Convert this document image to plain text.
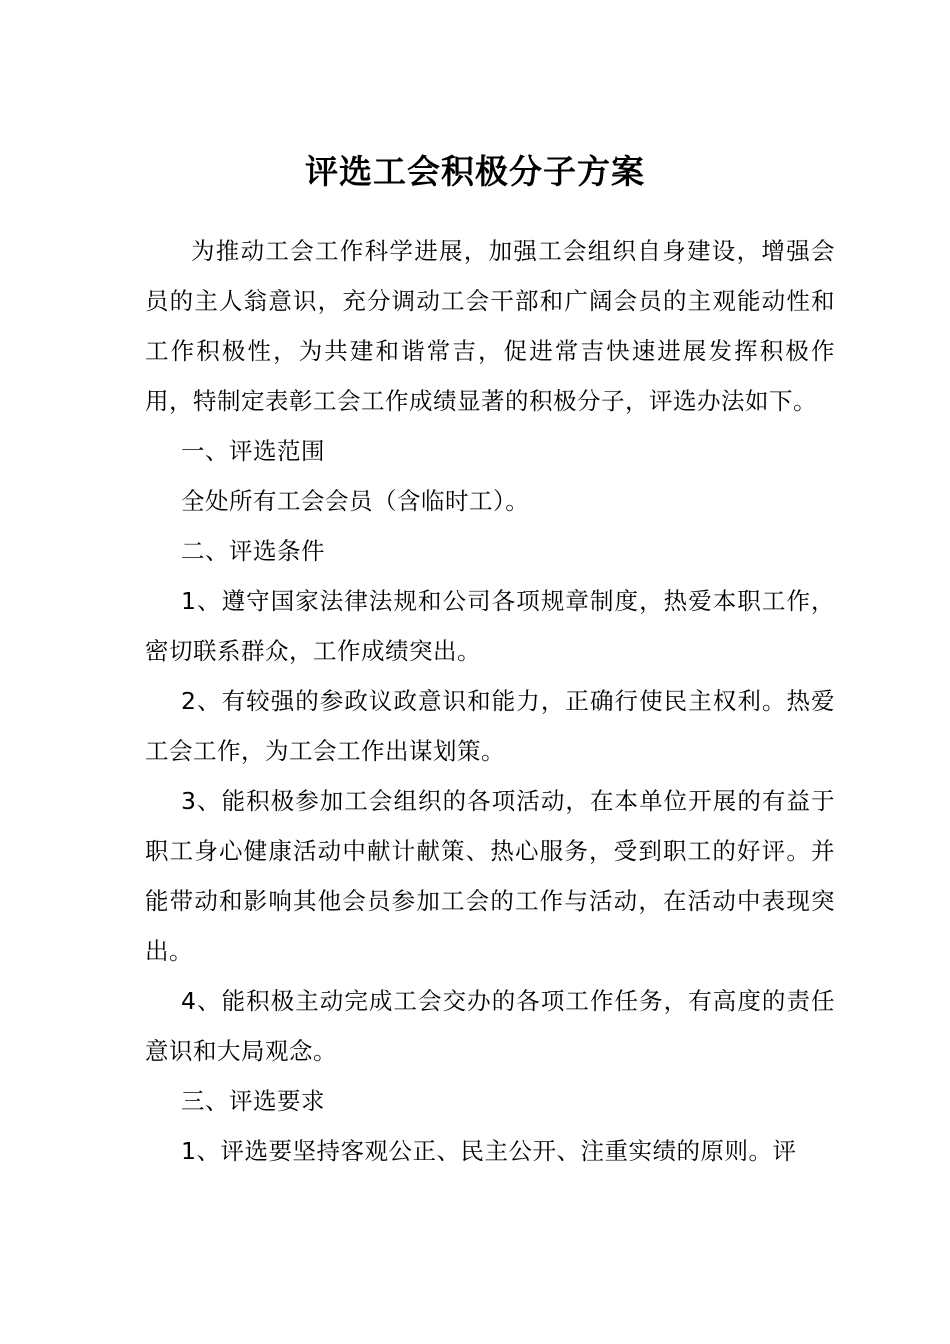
评选工会积极分子方案

为推动工会工作科学进展，加强工会组织自身建设，增强会员的主人翁意识，充分调动工会干部和广阔会员的主观能动性和工作积极性，为共建和谐常吉，促进常吉快速进展发挥积极作用，特制定表彰工会工作成绩显著的积极分子，评选办法如下。

一、评选范围

全处所有工会会员（含临时工）。

二、评选条件

1、遵守国家法律法规和公司各项规章制度，热爱本职工作，密切联系群众，工作成绩突出。

2、有较强的参政议政意识和能力，正确行使民主权利。热爱工会工作，为工会工作出谋划策。

3、能积极参加工会组织的各项活动，在本单位开展的有益于职工身心健康活动中献计献策、热心服务，受到职工的好评。并能带动和影响其他会员参加工会的工作与活动，在活动中表现突出。

4、能积极主动完成工会交办的各项工作任务，有高度的责任意识和大局观念。

三、评选要求

1、评选要坚持客观公正、民主公开、注重实绩的原则。评
